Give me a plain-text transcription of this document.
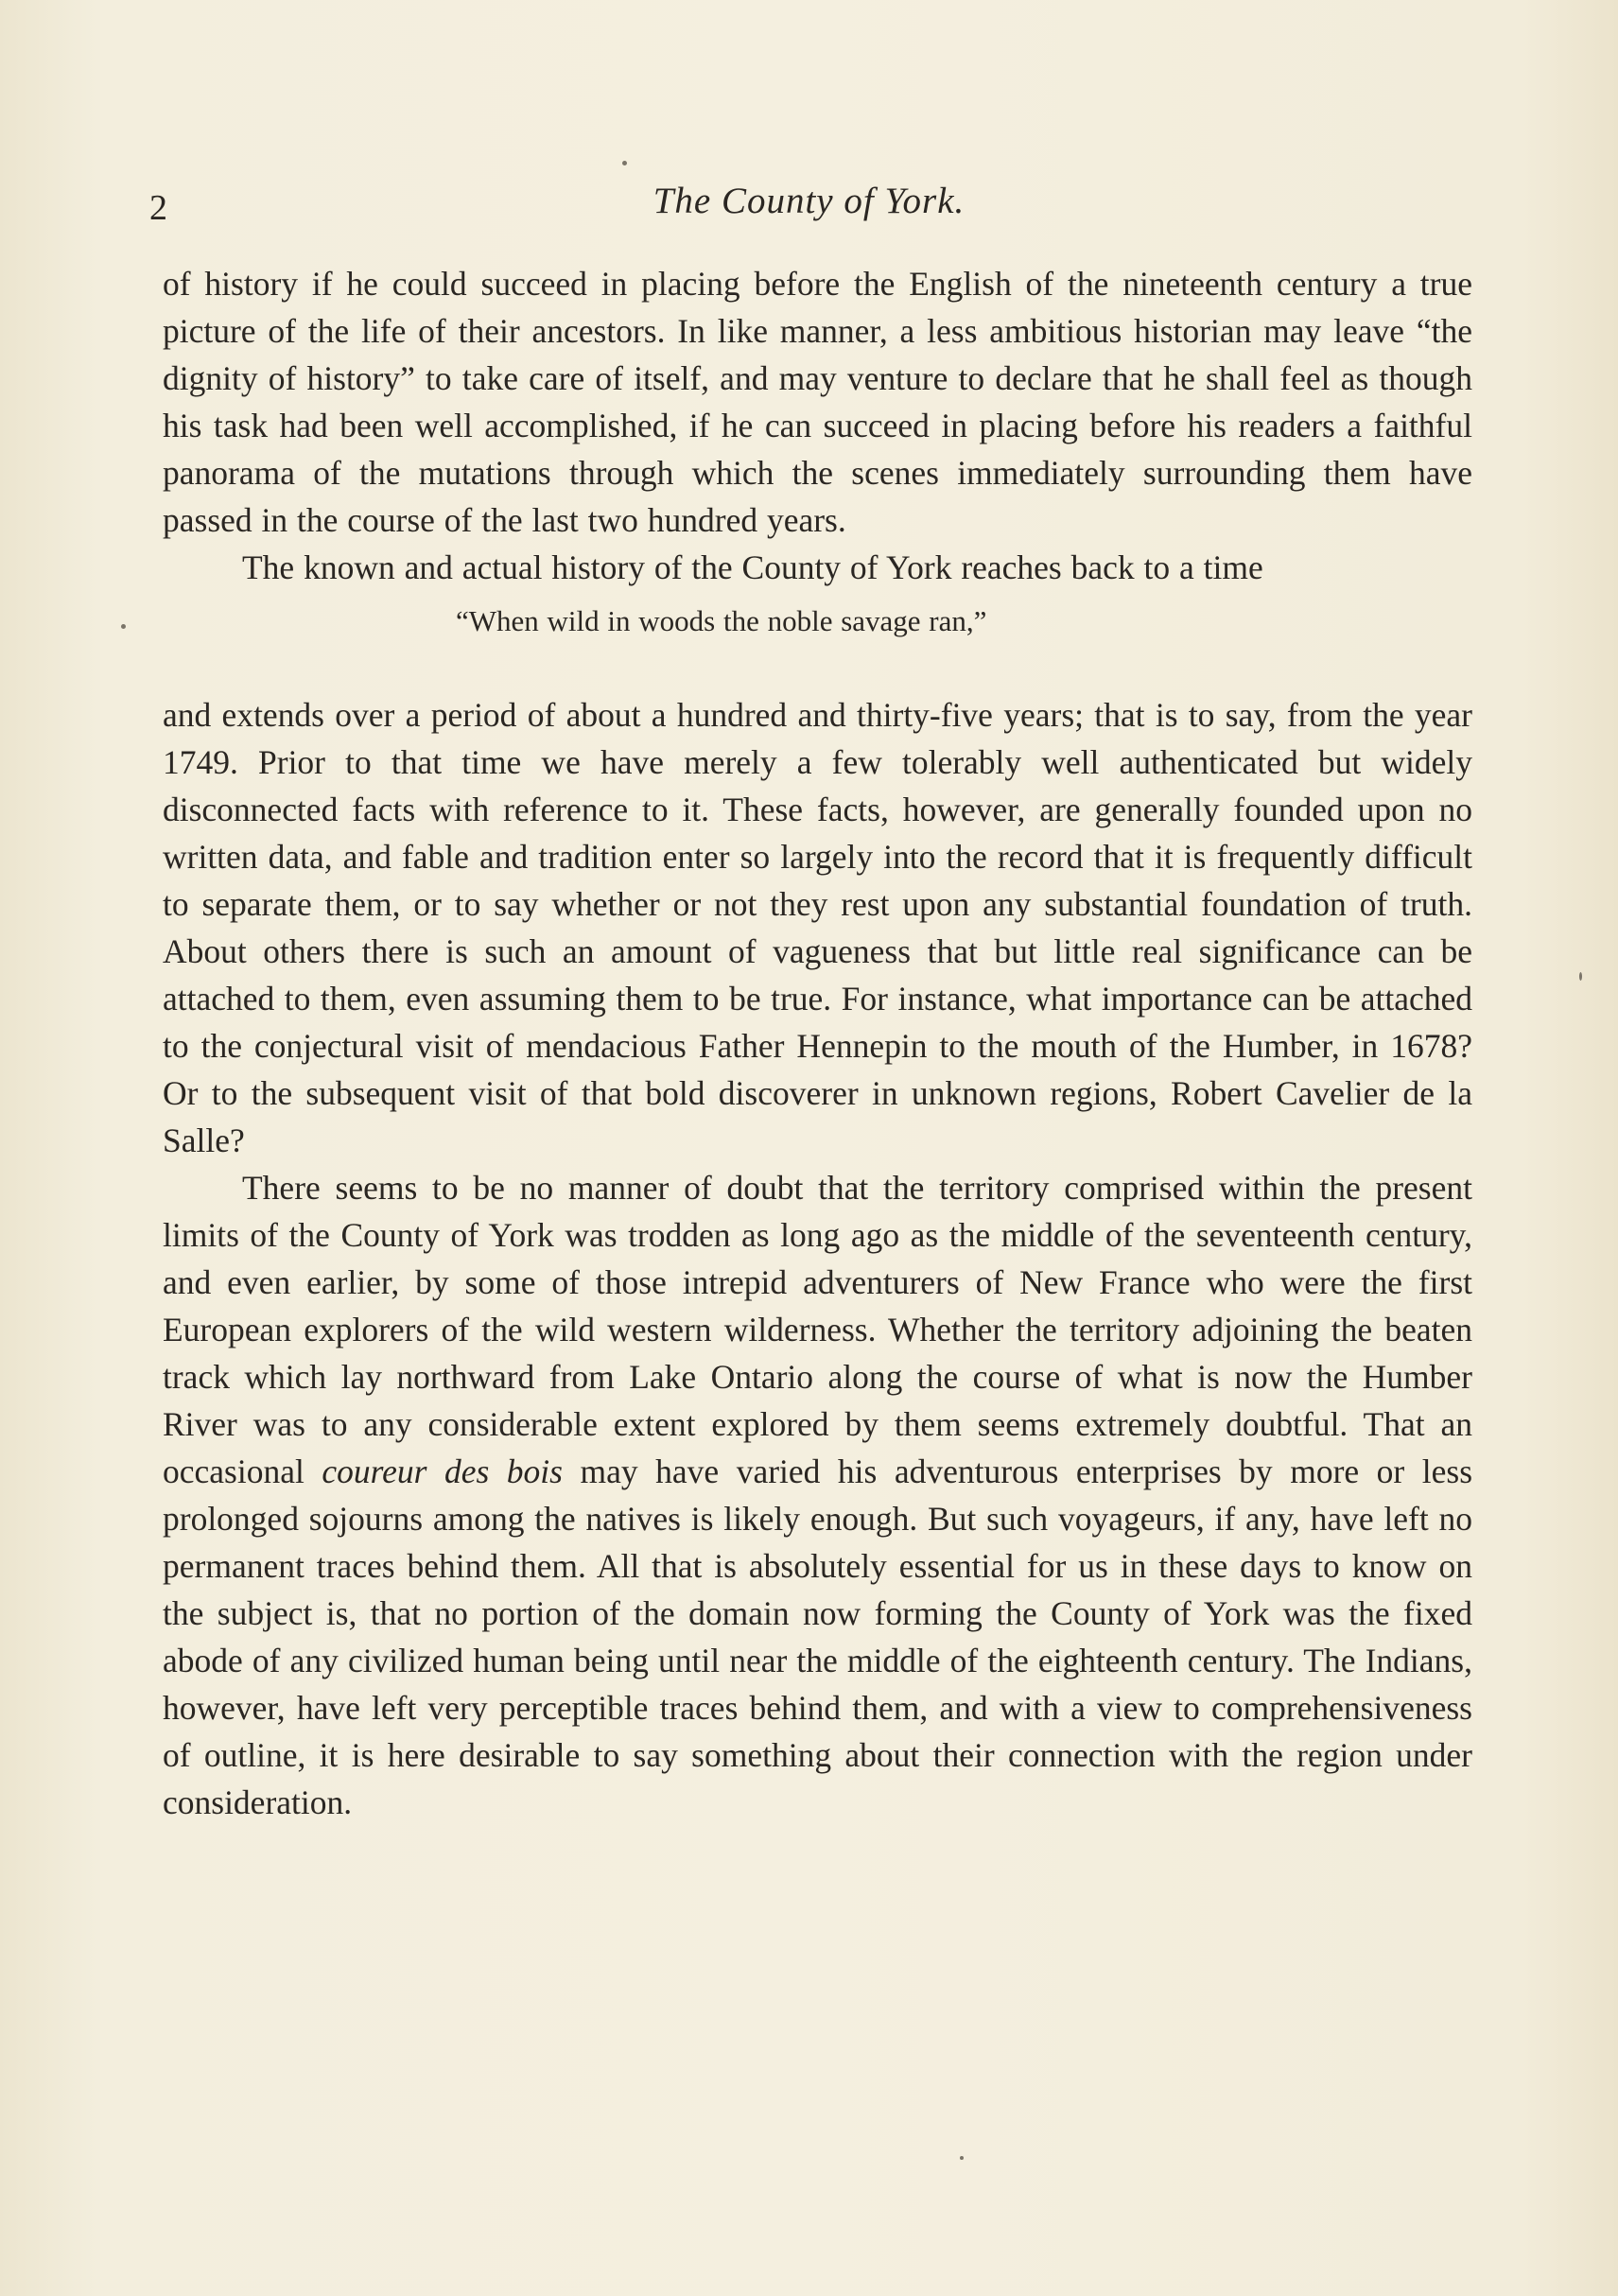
2	The County of York.

of history if he could succeed in placing before the English of the nineteenth century a true picture of the life of their ancestors. In like manner, a less ambitious historian may leave “the dignity of history” to take care of itself, and may venture to declare that he shall feel as though his task had been well accomplished, if he can succeed in placing before his readers a faithful panorama of the mutations through which the scenes immediately surrounding them have passed in the course of the last two hundred years.

The known and actual history of the County of York reaches back to a time

“When wild in woods the noble savage ran,”

and extends over a period of about a hundred and thirty-five years; that is to say, from the year 1749. Prior to that time we have merely a few tolerably well authenticated but widely disconnected facts with reference to it. These facts, however, are generally founded upon no written data, and fable and tradition enter so largely into the record that it is frequently difficult to separate them, or to say whether or not they rest upon any substantial foundation of truth. About others there is such an amount of vagueness that but little real significance can be attached to them, even assuming them to be true. For instance, what importance can be attached to the conjectural visit of mendacious Father Hennepin to the mouth of the Humber, in 1678? Or to the subsequent visit of that bold discoverer in unknown regions, Robert Cavelier de la Salle?

There seems to be no manner of doubt that the territory comprised within the present limits of the County of York was trodden as long ago as the middle of the seventeenth century, and even earlier, by some of those intrepid adventurers of New France who were the first European explorers of the wild western wilderness. Whether the territory adjoining the beaten track which lay northward from Lake Ontario along the course of what is now the Humber River was to any considerable extent explored by them seems extremely doubtful. That an occasional coureur des bois may have varied his adventurous enterprises by more or less prolonged sojourns among the natives is likely enough. But such voyageurs, if any, have left no permanent traces behind them. All that is absolutely essential for us in these days to know on the subject is, that no portion of the domain now forming the County of York was the fixed abode of any civilized human being until near the middle of the eighteenth century. The Indians, however, have left very perceptible traces behind them, and with a view to comprehensiveness of outline, it is here desirable to say something about their connection with the region under consideration.
